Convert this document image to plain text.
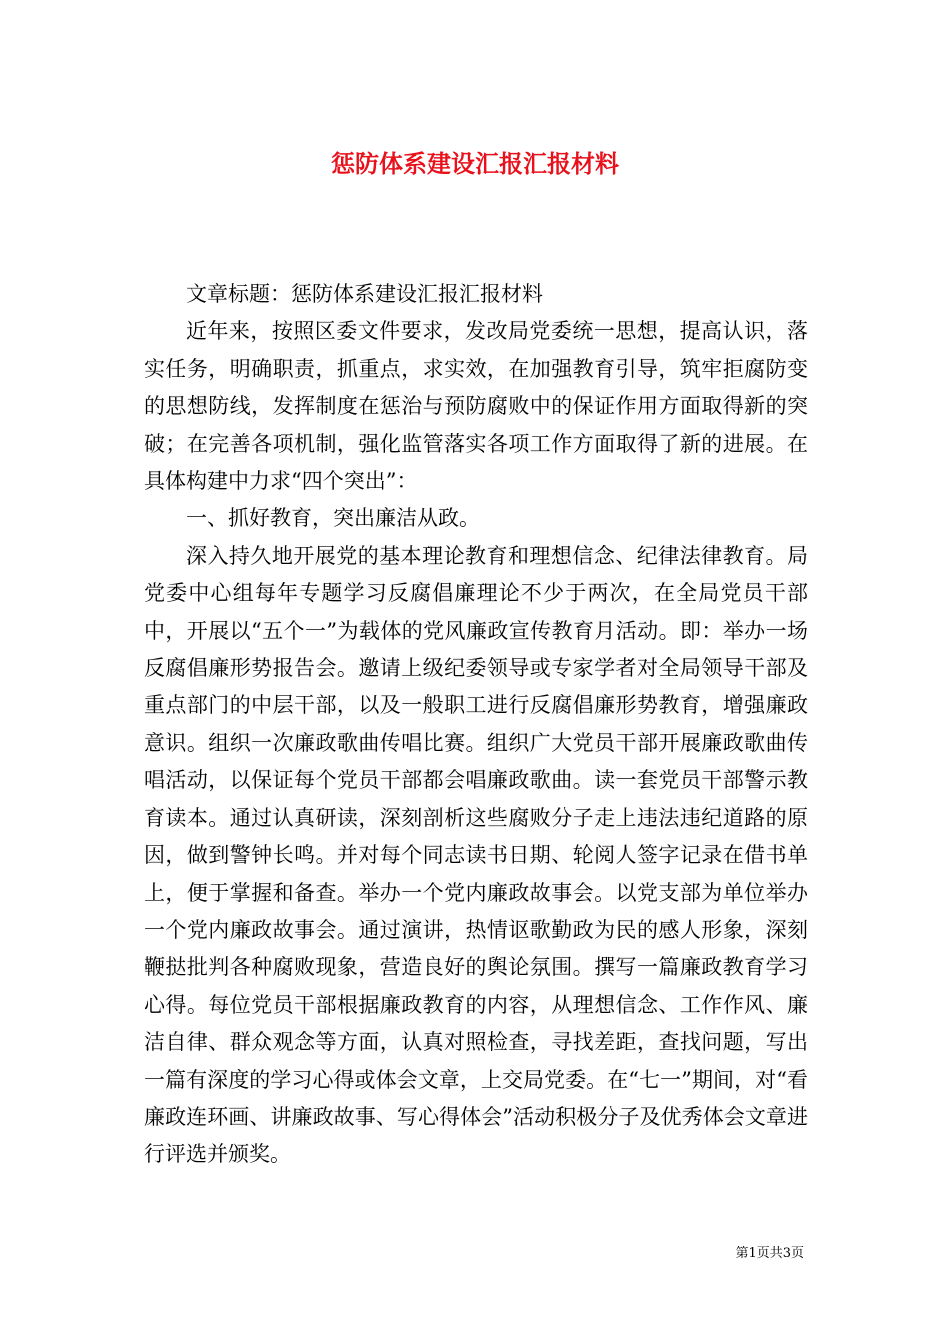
惩防体系建设汇报汇报材料

文章标题：惩防体系建设汇报汇报材料

近年来，按照区委文件要求，发改局党委统一思想，提高认识，落实任务，明确职责，抓重点，求实效，在加强教育引导，筑牢拒腐防变的思想防线，发挥制度在惩治与预防腐败中的保证作用方面取得新的突破；在完善各项机制，强化监管落实各项工作方面取得了新的进展。在具体构建中力求“四个突出”：

一、抓好教育，突出廉洁从政。

深入持久地开展党的基本理论教育和理想信念、纪律法律教育。局党委中心组每年专题学习反腐倡廉理论不少于两次，在全局党员干部中，开展以“五个一”为载体的党风廉政宣传教育月活动。即：举办一场反腐倡廉形势报告会。邀请上级纪委领导或专家学者对全局领导干部及重点部门的中层干部，以及一般职工进行反腐倡廉形势教育，增强廉政意识。组织一次廉政歌曲传唱比赛。组织广大党员干部开展廉政歌曲传唱活动，以保证每个党员干部都会唱廉政歌曲。读一套党员干部警示教育读本。通过认真研读，深刻剖析这些腐败分子走上违法违纪道路的原因，做到警钟长鸣。并对每个同志读书日期、轮阅人签字记录在借书单上，便于掌握和备查。举办一个党内廉政故事会。以党支部为单位举办一个党内廉政故事会。通过演讲，热情讴歌勤政为民的感人形象，深刻鞭挞批判各种腐败现象，营造良好的舆论氛围。撰写一篇廉政教育学习心得。每位党员干部根据廉政教育的内容，从理想信念、工作作风、廉洁自律、群众观念等方面，认真对照检查，寻找差距，查找问题，写出一篇有深度的学习心得或体会文章，上交局党委。在“七一”期间，对“看廉政连环画、讲廉政故事、写心得体会”活动积极分子及优秀体会文章进行评选并颁奖。

第1页共3页
